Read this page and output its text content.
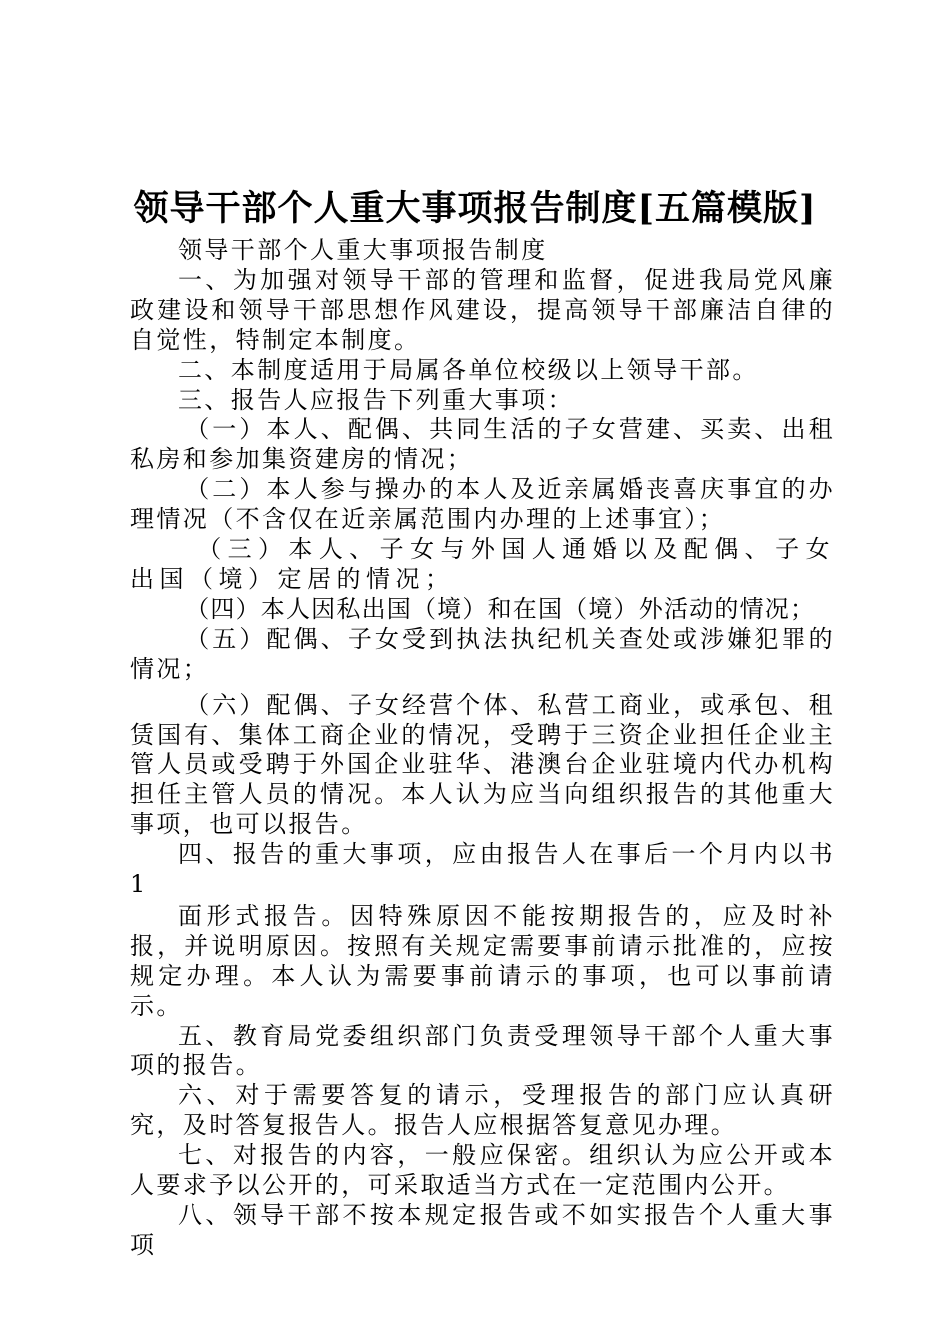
领导干部个人重大事项报告制度[五篇模版]

领导干部个人重大事项报告制度

一、为加强对领导干部的管理和监督，促进我局党风廉政建设和领导干部思想作风建设，提高领导干部廉洁自律的自觉性，特制定本制度。

二、本制度适用于局属各单位校级以上领导干部。

三、报告人应报告下列重大事项：

（一）本人、配偶、共同生活的子女营建、买卖、出租私房和参加集资建房的情况；

（二）本人参与操办的本人及近亲属婚丧喜庆事宜的办理情况（不含仅在近亲属范围内办理的上述事宜）；

（三）本人、子女与外国人通婚以及配偶、子女出国（境）定居的情况；

（四）本人因私出国（境）和在国（境）外活动的情况；

（五）配偶、子女受到执法执纪机关查处或涉嫌犯罪的情况；

（六）配偶、子女经营个体、私营工商业，或承包、租赁国有、集体工商企业的情况，受聘于三资企业担任企业主管人员或受聘于外国企业驻华、港澳台企业驻境内代办机构担任主管人员的情况。本人认为应当向组织报告的其他重大事项，也可以报告。

四、报告的重大事项，应由报告人在事后一个月内以书 1

面形式报告。因特殊原因不能按期报告的，应及时补报，并说明原因。按照有关规定需要事前请示批准的，应按规定办理。本人认为需要事前请示的事项，也可以事前请示。

五、教育局党委组织部门负责受理领导干部个人重大事项的报告。

六、对于需要答复的请示，受理报告的部门应认真研究，及时答复报告人。报告人应根据答复意见办理。

七、对报告的内容，一般应保密。组织认为应公开或本人要求予以公开的，可采取适当方式在一定范围内公开。

八、领导干部不按本规定报告或不如实报告个人重大事项
